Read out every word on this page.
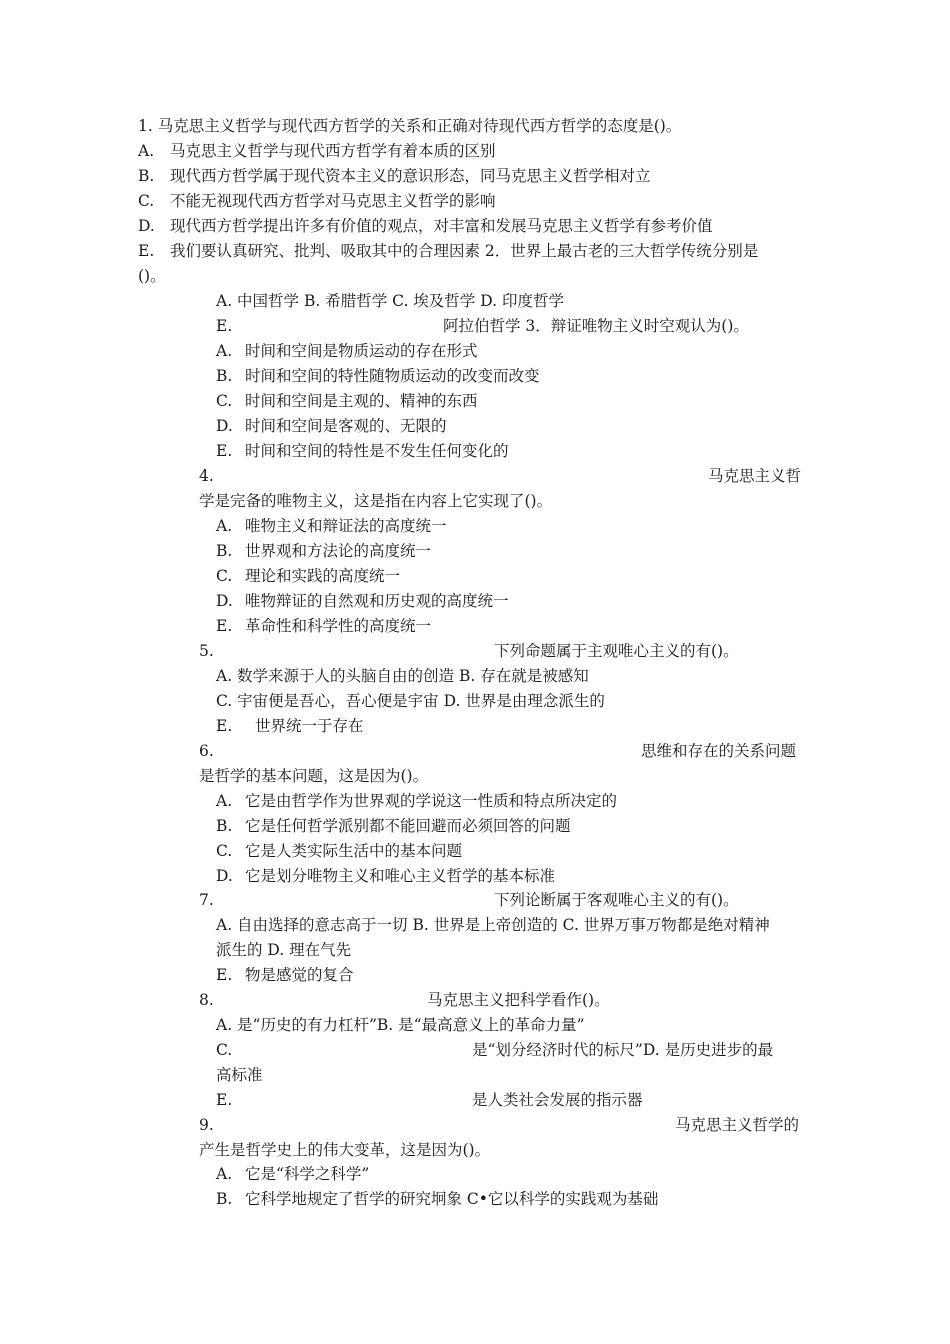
1. 马克思主义哲学与现代西方哲学的关系和正确对待现代西方哲学的态度是()。
A. 马克思主义哲学与现代西方哲学有着本质的区别
B. 现代西方哲学属于现代资本主义的意识形态，同马克思主义哲学相对立
C. 不能无视现代西方哲学对马克思主义哲学的影响
D. 现代西方哲学提出许多有价值的观点，对丰富和发展马克思主义哲学有参考价值
E. 我们要认真研究、批判、吸取其中的合理因素 2．世界上最古老的三大哲学传统分别是
()。
A. 中国哲学 B. 希腊哲学 C. 埃及哲学 D. 印度哲学
E.	阿拉伯哲学 3．辩证唯物主义时空观认为()。
A. 时间和空间是物质运动的存在形式
B. 时间和空间的特性随物质运动的改变而改变
C. 时间和空间是主观的、精神的东西
D. 时间和空间是客观的、无限的
E. 时间和空间的特性是不发生任何变化的
4.	马克思主义哲
学是完备的唯物主义，这是指在内容上它实现了()。
A. 唯物主义和辩证法的高度统一
B. 世界观和方法论的高度统一
C. 理论和实践的高度统一
D. 唯物辩证的自然观和历史观的高度统一
E. 革命性和科学性的高度统一
5.	下列命题属于主观唯心主义的有()。
A. 数学来源于人的头脑自由的创造 B. 存在就是被感知
C. 宇宙便是吾心，吾心便是宇宙 D. 世界是由理念派生的
E. 世界统一于存在
6.	思维和存在的关系问题
是哲学的基本问题，这是因为()。
A. 它是由哲学作为世界观的学说这一性质和特点所决定的
B. 它是任何哲学派别都不能回避而必须回答的问题
C. 它是人类实际生活中的基本问题
D. 它是划分唯物主义和唯心主义哲学的基本标准
7.	下列论断属于客观唯心主义的有()。
A. 自由选择的意志高于一切 B. 世界是上帝创造的 C. 世界万事万物都是绝对精神
派生的 D. 理在气先
E. 物是感觉的复合
8.	马克思主义把科学看作()。
A. 是“历史的有力杠杆”B. 是“最高意义上的革命力量”
C.	是“划分经济时代的标尺”D. 是历史进步的最
高标准
E.	是人类社会发展的指示器
9.	马克思主义哲学的
产生是哲学史上的伟大变革，这是因为()。
A. 它是“科学之科学”
B. 它科学地规定了哲学的研究坰象 C•它以科学的实践观为基础
